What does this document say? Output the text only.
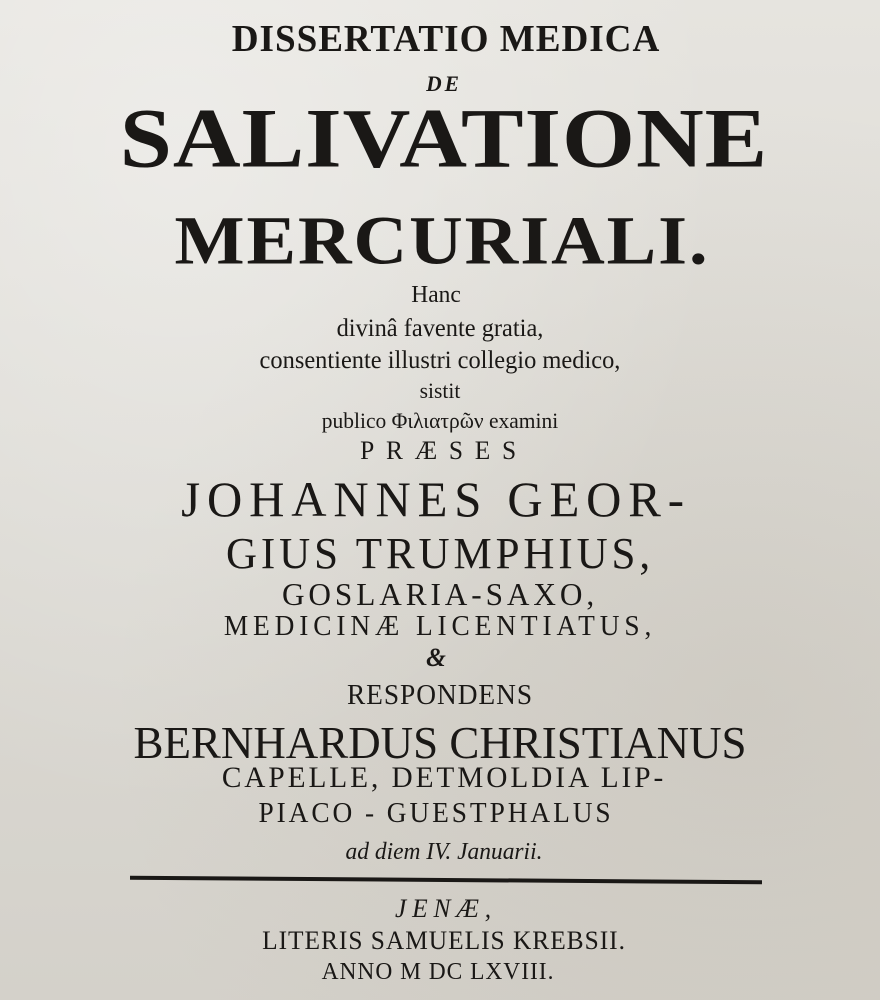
DISSERTATIO MEDICA
DE
SALIVATIONE
MERCURIALI.
Hanc
divinâ favente gratia,
consentiente illustri collegio medico,
sistit
publico Φιλιατρῶν examini
PRÆSES
JOHANNES GEOR-
GIUS TRUMPHIUS,
GOSLARIA-SAXO,
MEDICINÆ LICENTIATUS,
&
RESPONDENS
BERNHARDUS CHRISTIANUS
CAPELLE, DETMOLDIA LIP-
PIACO - GUESTPHALUS
ad diem IV. Januarii.
JENÆ,
LITERIS SAMUELIS KREBSII.
ANNO M DC LXVIII.
